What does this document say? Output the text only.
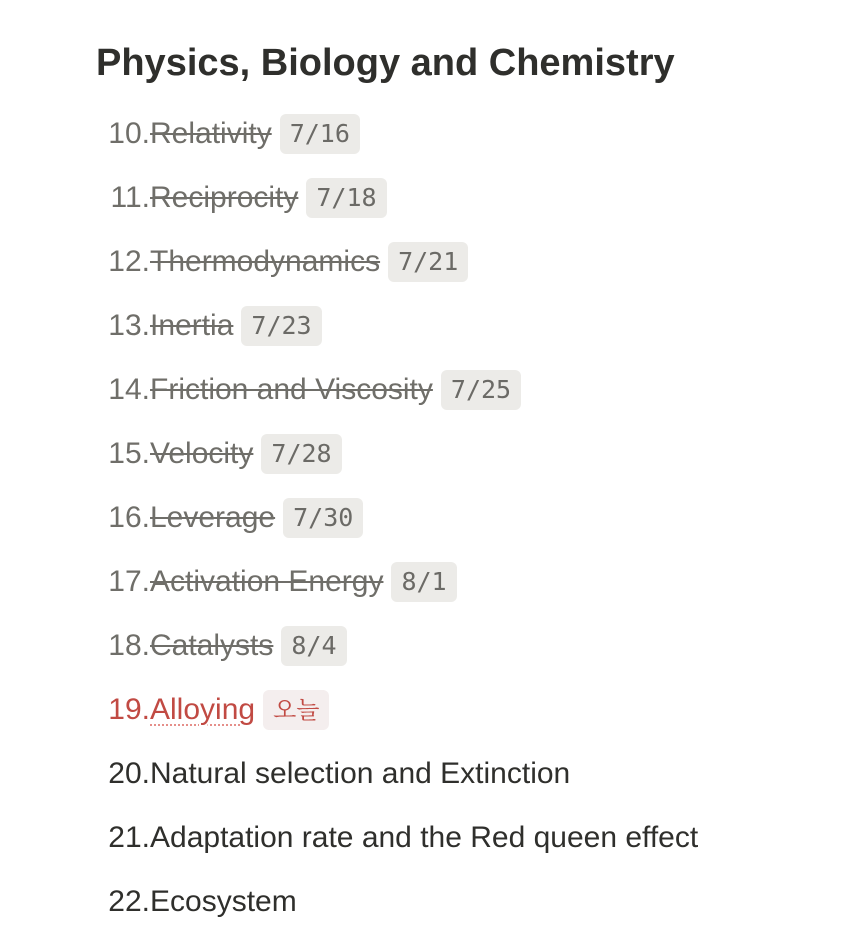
Physics, Biology and Chemistry
10. Relativity 7/16
11. Reciprocity 7/18
12. Thermodynamics 7/21
13. Inertia 7/23
14. Friction and Viscosity 7/25
15. Velocity 7/28
16. Leverage 7/30
17. Activation Energy 8/1
18. Catalysts 8/4
19. Alloying 오늘
20. Natural selection and Extinction
21. Adaptation rate and the Red queen effect
22. Ecosystem
